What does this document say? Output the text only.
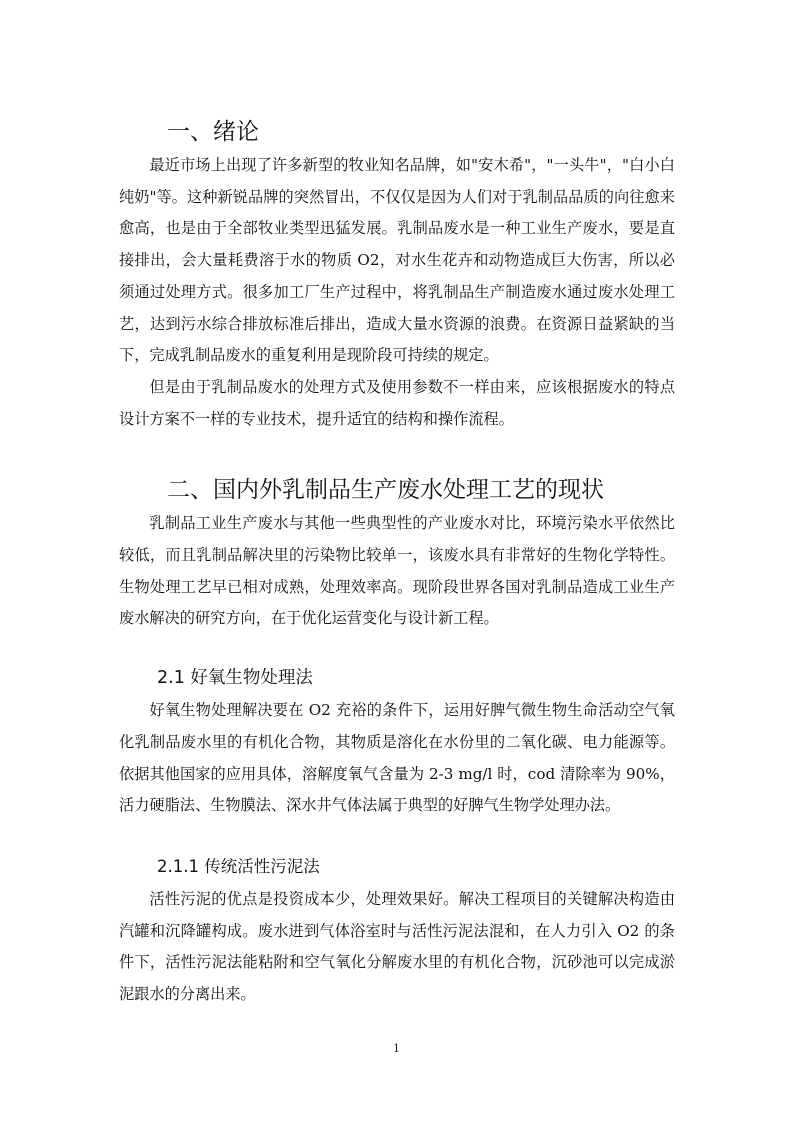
一、绪论

最近市场上出现了许多新型的牧业知名品牌，如"安木希"，"一头牛"，"白小白纯奶"等。这种新锐品牌的突然冒出，不仅仅是因为人们对于乳制品品质的向往愈来愈高，也是由于全部牧业类型迅猛发展。乳制品废水是一种工业生产废水，要是直接排出，会大量耗费溶于水的物质 O2，对水生花卉和动物造成巨大伤害，所以必须通过处理方式。很多加工厂生产过程中，将乳制品生产制造废水通过废水处理工艺，达到污水综合排放标准后排出，造成大量水资源的浪费。在资源日益紧缺的当下，完成乳制品废水的重复利用是现阶段可持续的规定。

但是由于乳制品废水的处理方式及使用参数不一样由来，应该根据废水的特点设计方案不一样的专业技术，提升适宜的结构和操作流程。

二、国内外乳制品生产废水处理工艺的现状

乳制品工业生产废水与其他一些典型性的产业废水对比，环境污染水平依然比较低，而且乳制品解决里的污染物比较单一，该废水具有非常好的生物化学特性。生物处理工艺早已相对成熟，处理效率高。现阶段世界各国对乳制品造成工业生产废水解决的研究方向，在于优化运营变化与设计新工程。

2.1 好氧生物处理法

好氧生物处理解决要在 O2 充裕的条件下，运用好脾气微生物生命活动空气氧化乳制品废水里的有机化合物，其物质是溶化在水份里的二氧化碳、电力能源等。依据其他国家的应用具体，溶解度氧气含量为 2-3 mg/l 时，cod 清除率为 90%，活力硬脂法、生物膜法、深水井气体法属于典型的好脾气生物学处理办法。

2.1.1 传统活性污泥法

活性污泥的优点是投资成本少，处理效果好。解决工程项目的关键解决构造由汽罐和沉降罐构成。废水进到气体浴室时与活性污泥法混和，在人力引入 O2 的条件下，活性污泥法能粘附和空气氧化分解废水里的有机化合物，沉砂池可以完成淤泥跟水的分离出来。

1
